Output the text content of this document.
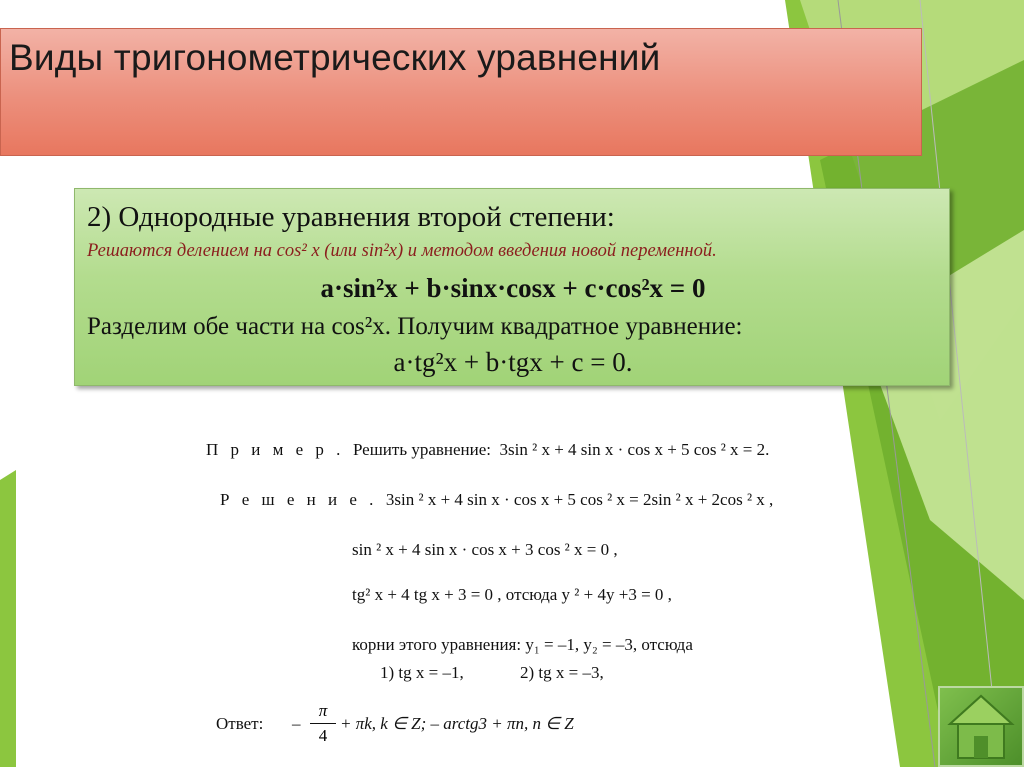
Виды тригонометрических уравнений
2) Однородные уравнения второй степени:
Решаются делением на cos² x (или sin²x) и методом введения новой переменной.
a·sin²x + b·sinx·cosx + c·cos²x = 0
Разделим обе части на cos²x. Получим квадратное уравнение:
a·tg²x + b·tgx + c = 0.
П р и м е р . Решить уравнение: 3sin ² x + 4 sin x · cos x + 5 cos ² x = 2.
Р е ш е н и е . 3sin ² x + 4 sin x · cos x + 5 cos ² x = 2sin ² x + 2cos ² x ,
sin ² x + 4 sin x · cos x + 3 cos ² x = 0 ,
tg² x + 4 tg x + 3 = 0 , отсюда y ² + 4y +3 = 0 ,
корни этого уравнения: y₁ = –1, y₂ = –3, отсюда
1) tg x = –1,	2) tg x = –3,
Ответ: –
π
4
+ πk, k ∈ Z; – arctg3 + πn, n ∈ Z
